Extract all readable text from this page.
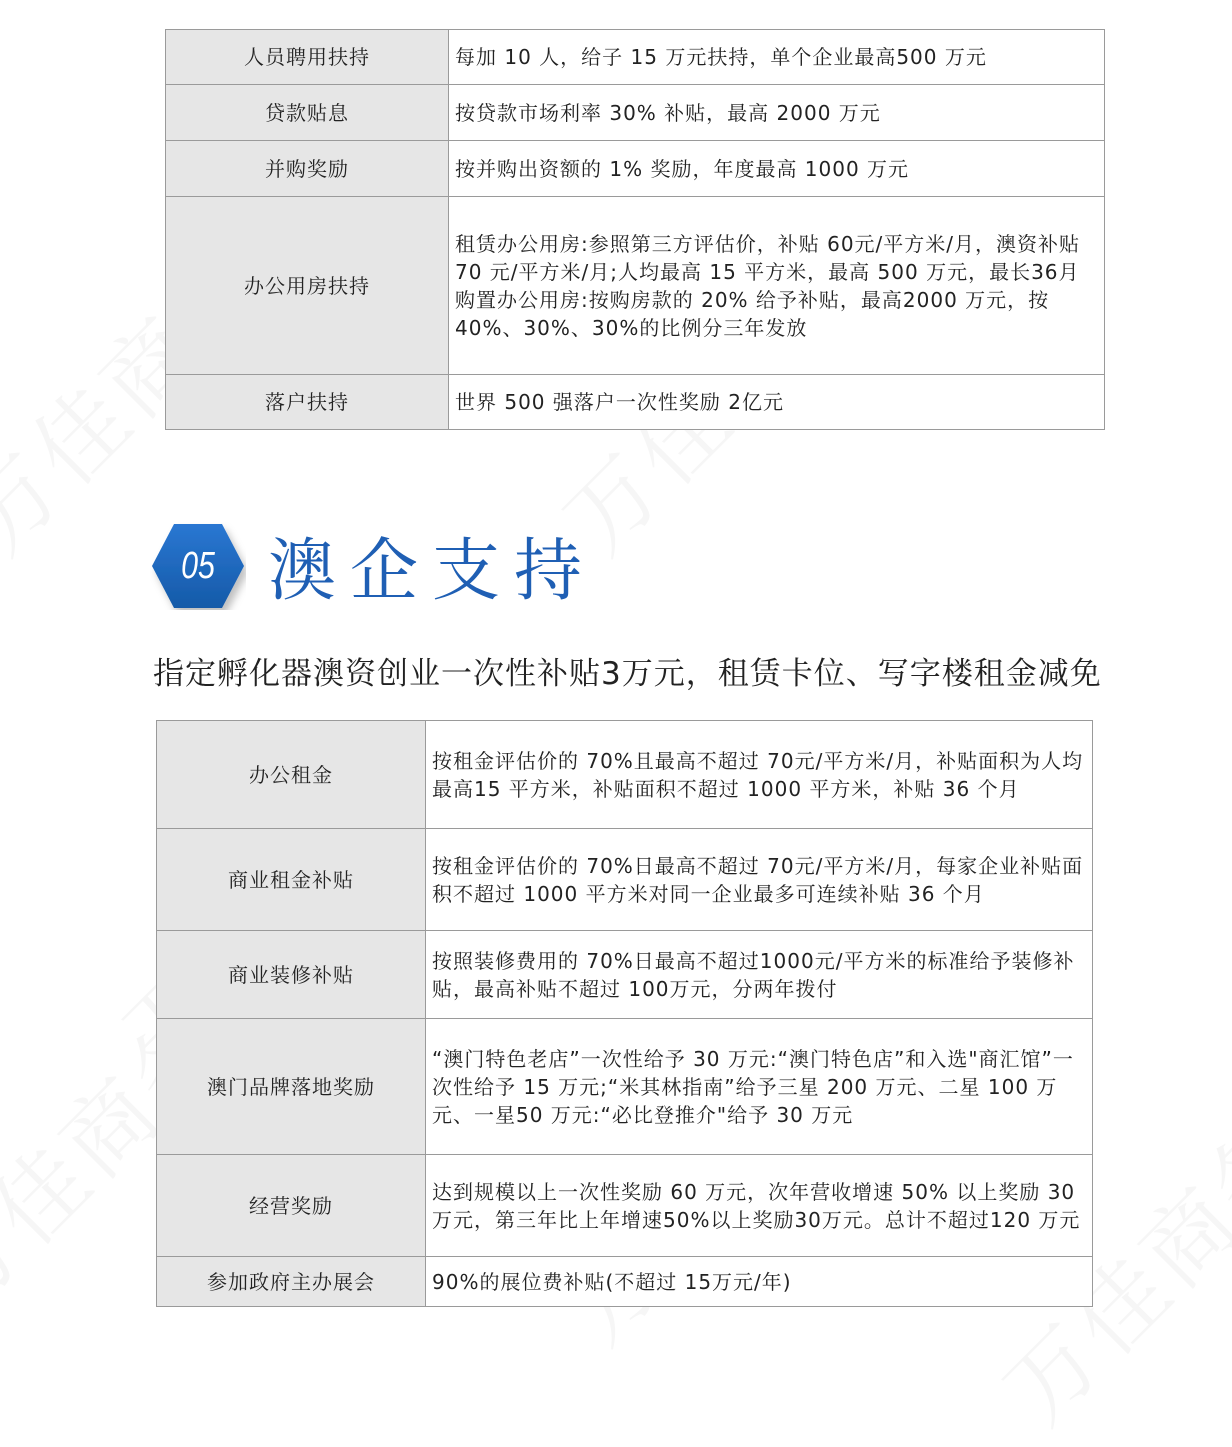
人员聘用扶持	每加 10 人，给子 15 万元扶持，单个企业最高500 万元
贷款贴息	按贷款市场利率 30% 补贴，最高 2000 万元
并购奖励	按并购出资额的 1% 奖励，年度最高 1000 万元
办公用房扶持	租赁办公用房:参照第三方评估价，补贴 60元/平方米/月，澳资补贴 70 元/平方米/月;人均最高 15 平方米，最高 500 万元，最长36月
购置办公用房:按购房款的 20% 给予补贴，最高2000 万元，按 40%、30%、30%的比例分三年发放
落户扶持	世界 500 强落户一次性奖励 2亿元
05 澳企支持
指定孵化器澳资创业一次性补贴3万元，租赁卡位、写字楼租金减免
办公租金	按租金评估价的 70%且最高不超过 70元/平方米/月，补贴面积为人均最高15 平方米，补贴面积不超过 1000 平方米，补贴 36 个月
商业租金补贴	按租金评估价的 70%日最高不超过 70元/平方米/月，每家企业补贴面积不超过 1000 平方米对同一企业最多可连续补贴 36 个月
商业装修补贴	按照装修费用的 70%日最高不超过1000元/平方米的标准给予装修补贴，最高补贴不超过 100万元，分两年拨付
澳门品牌落地奖励	“澳门特色老店”一次性给予 30 万元:“澳门特色店”和入选"商汇馆”一次性给予 15 万元;“米其林指南”给予三星 200 万元、二星 100 万元、一星50 万元:“必比登推介"给予 30 万元
经营奖励	达到规模以上一次性奖励 60 万元，次年营收增速 50% 以上奖励 30 万元，第三年比上年增速50%以上奖励30万元。总计不超过120 万元
参加政府主办展会	90%的展位费补贴(不超过 15万元/年)
